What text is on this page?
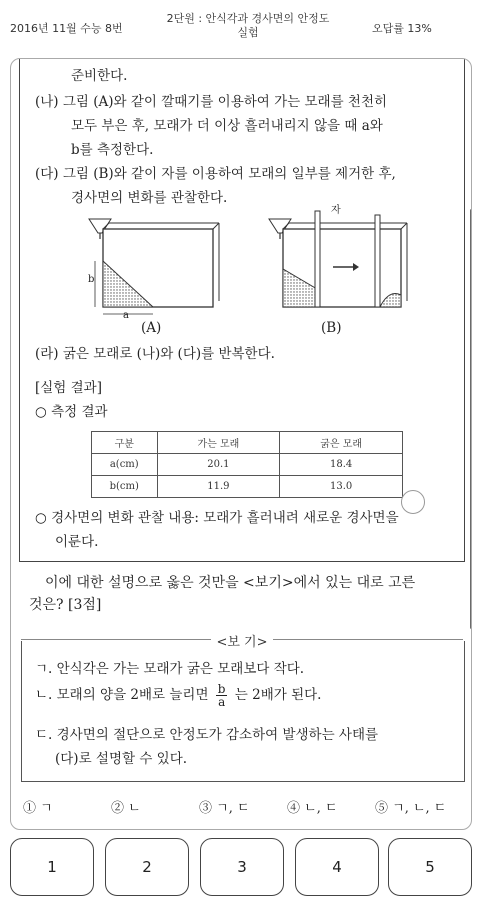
2016년 11월 수능 8번
2단원 : 안식각과 경사면의 안정도
실험	오답률 13%
준비한다.
(나) 그림 (A)와 같이 깔때기를 이용하여 가는 모래를 천천히
모두 부은 후, 모래가 더 이상 흘러내리지 않을 때 a와
b를 측정한다.
(다) 그림 (B)와 같이 자를 이용하여 모래의 일부를 제거한 후,
경사면의 변화를 관찰한다.
b
a
(A)
자
(B)
(라) 굵은 모래로 (나)와 (다)를 반복한다.
[실험 결과]
○ 측정 결과
구분	가는 모래	굵은 모래
a(cm)	20.1	18.4
b(cm)	11.9	13.0
○ 경사면의 변화 관찰 내용: 모래가 흘러내려 새로운 경사면을
이룬다.
이에 대한 설명으로 옳은 것만을 <보기>에서 있는 대로 고른
것은? [3점]
<보 기>
ㄱ. 안식각은 가는 모래가 굵은 모래보다 작다.
ㄴ. 모래의 양을 2배로 늘리면 $\frac{b}{a}$ 는 2배가 된다.
ㄷ. 경사면의 절단으로 안정도가 감소하여 발생하는 사태를
(다)로 설명할 수 있다.
① ㄱ	② ㄴ	③ ㄱ, ㄷ	④ ㄴ, ㄷ	⑤ ㄱ, ㄴ, ㄷ
1	2	3	4	5
